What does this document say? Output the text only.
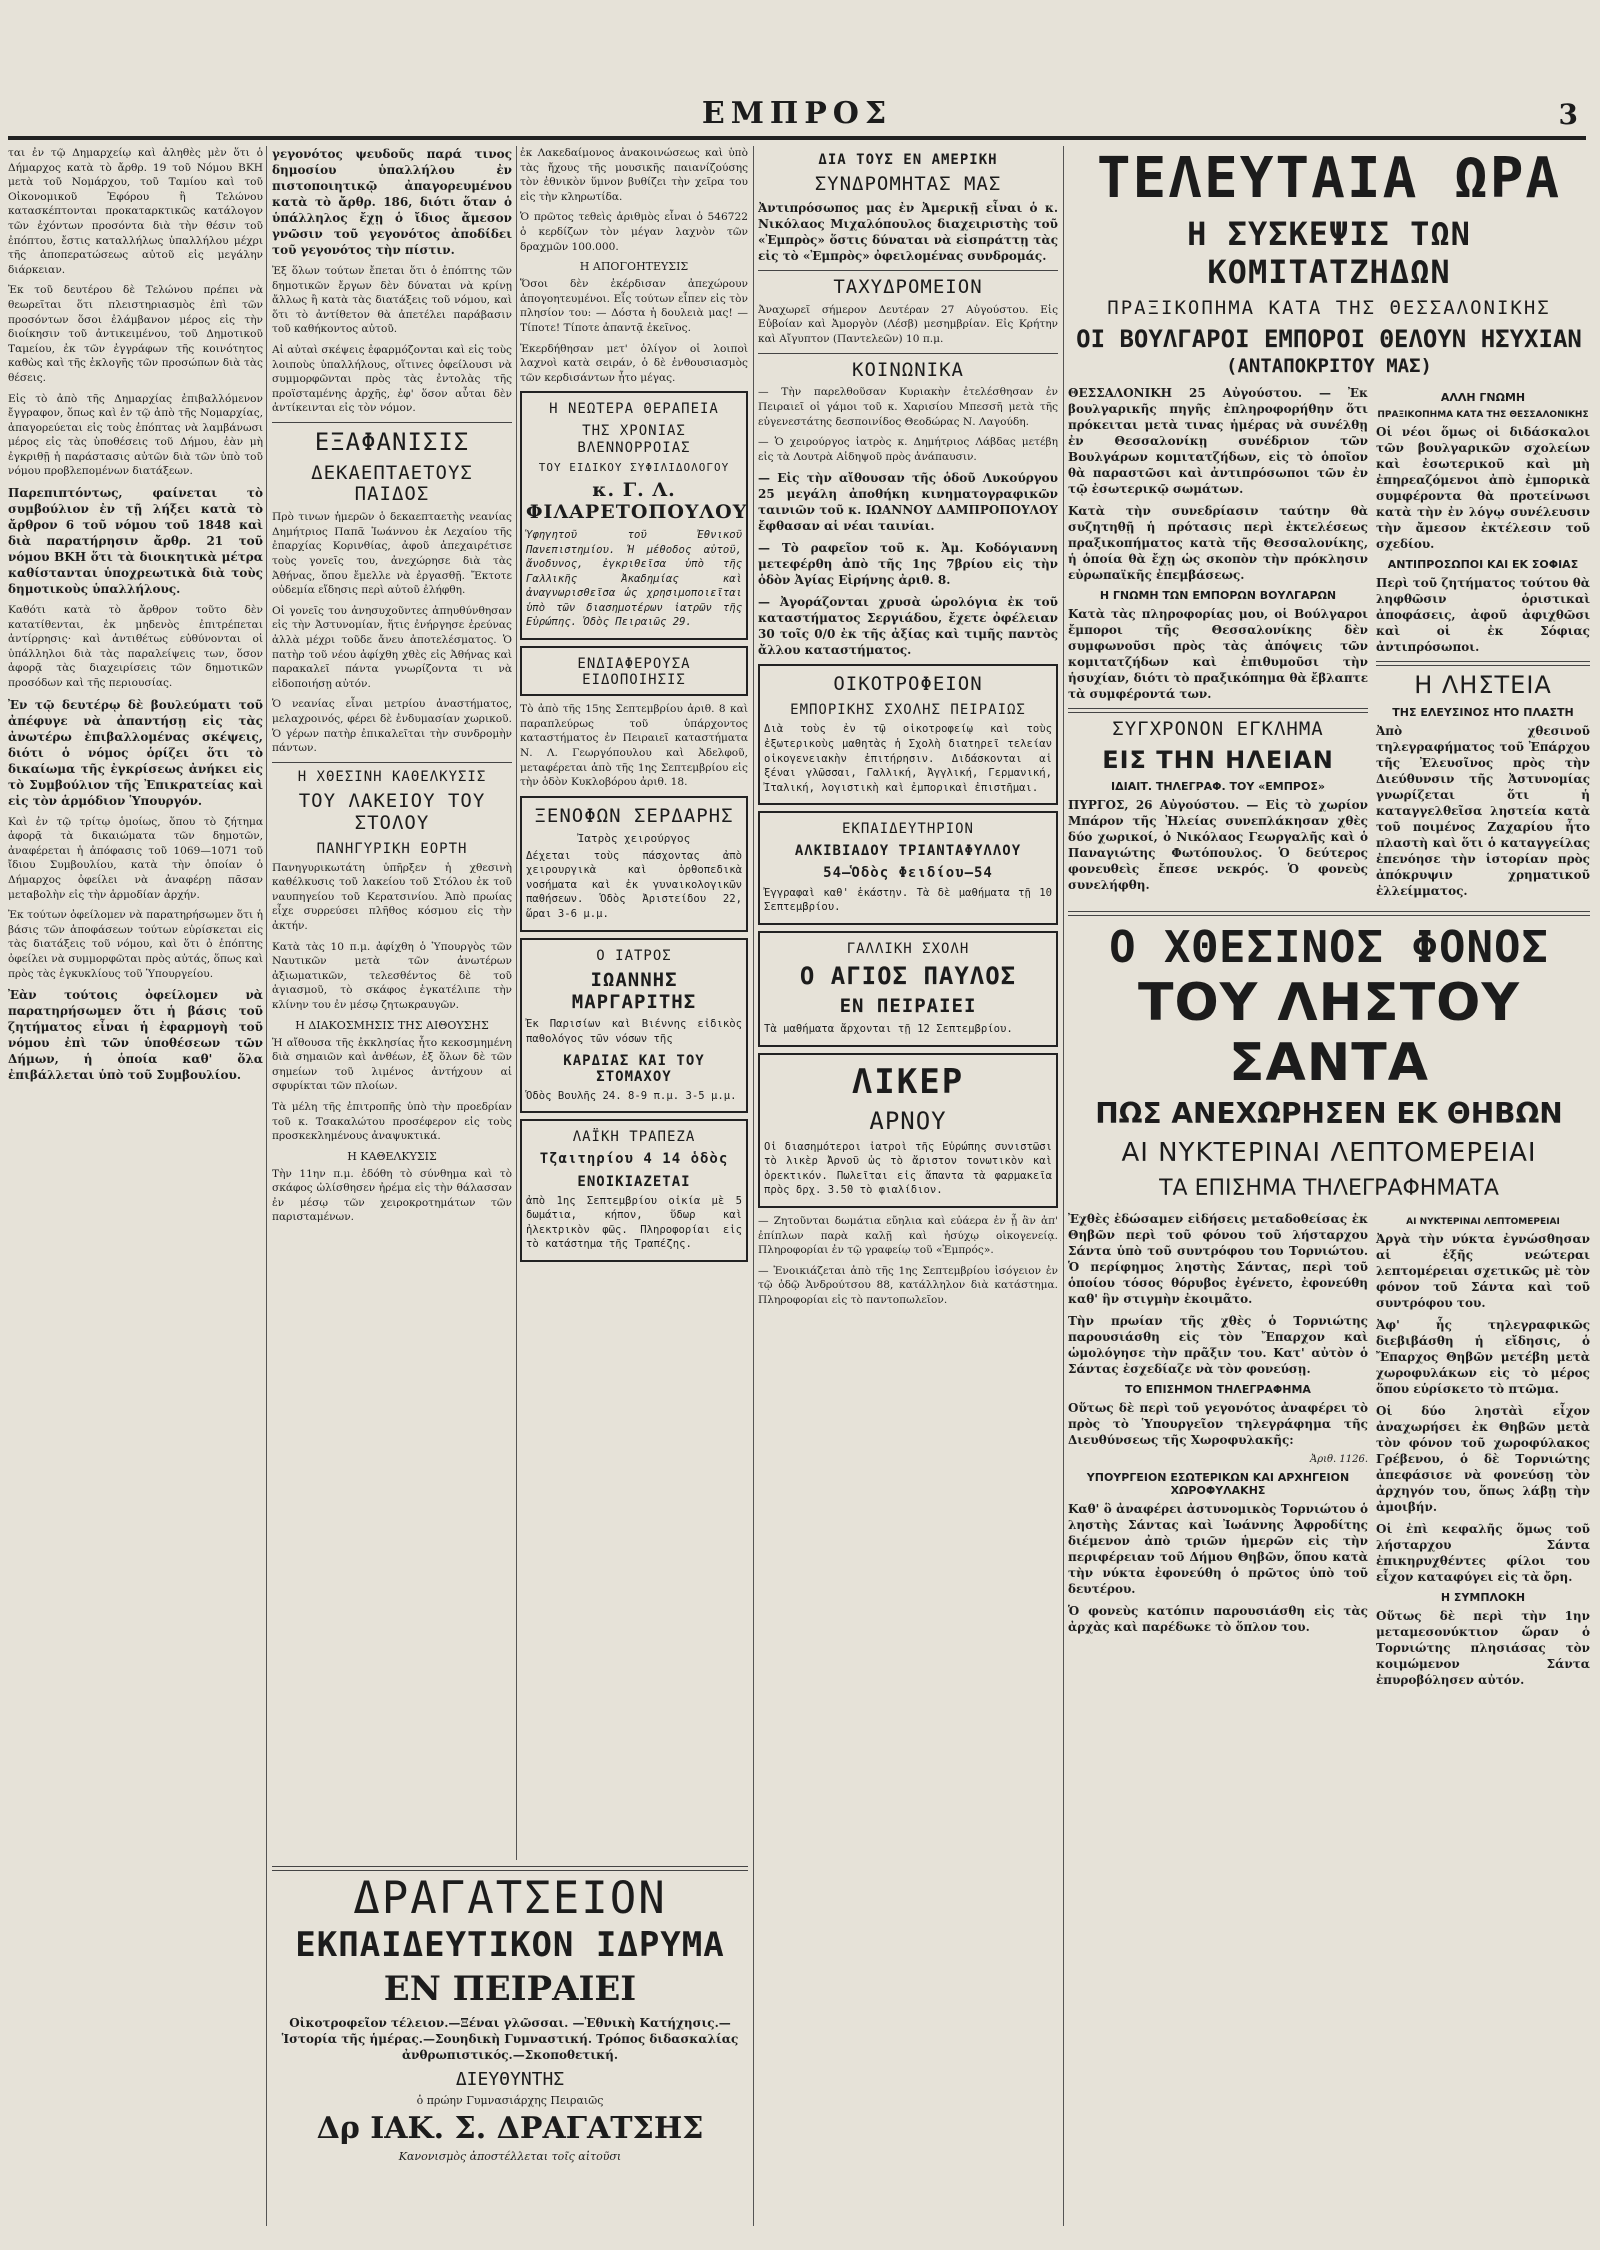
ΕΜΠΡΟΣ	3

ται ἐν τῷ Δημαρχείῳ καὶ ἀληθὲς μὲν ὅτι ὁ Δήμαρχος κατὰ τὸ ἄρθρ. 19 τοῦ Νόμου ΒΚΗ μετὰ τοῦ Νομάρχου, τοῦ Ταμίου καὶ τοῦ Οἰκονομικοῦ Ἐφόρου ἢ Τελώνου κατασκέπτονται προκαταρκτικῶς κατάλογον τῶν ἐχόντων προσόντα διὰ τὴν θέσιν τοῦ ἐπόπτου, ἔστις καταλλήλως ὑπαλλήλου μέχρι τῆς ἀποπερατώσεως αὐτοῦ εἰς μεγάλην διάρκειαν.

Ἐκ τοῦ δευτέρου δὲ Τελώνου πρέπει νὰ θεωρεῖται ὅτι πλειστηριασμὸς ἐπὶ τῶν προσόντων ὅσοι ἐλάμβανον μέρος εἰς τὴν διοίκησιν τοῦ ἀντικειμένου, τοῦ Δημοτικοῦ Ταμείου, ἐκ τῶν ἐγγράφων τῆς κοινότητος καθὼς καὶ τῆς ἐκλογῆς τῶν προσώπων διὰ τὰς θέσεις.

Εἰς τὸ ἀπὸ τῆς Δημαρχίας ἐπιβαλλόμενον ἔγγραφον, ὅπως καὶ ἐν τῷ ἀπὸ τῆς Νομαρχίας, ἀπαγορεύεται εἰς τοὺς ἐπόπτας νὰ λαμβάνωσι μέρος εἰς τὰς ὑποθέσεις τοῦ Δήμου, ἐὰν μὴ ἐγκριθῇ ἡ παράστασις αὐτῶν διὰ τῶν ὑπὸ τοῦ νόμου προβλεπομένων διατάξεων.

Παρεπιπτόντως, φαίνεται τὸ συμβούλιον ἐν τῇ λήξει κατὰ τὸ ἄρθρον 6 τοῦ νόμου τοῦ 1848 καὶ διὰ παρατήρησιν ἄρθρ. 21 τοῦ νόμου ΒΚΗ ὅτι τὰ διοικητικὰ μέτρα καθίστανται ὑποχρεωτικὰ διὰ τοὺς δημοτικοὺς ὑπαλλήλους.

Καθότι κατὰ τὸ ἄρθρον τοῦτο δὲν κατατίθενται, ἐκ μηδενὸς ἐπιτρέπεται ἀντίρρησις· καὶ ἀντιθέτως εὐθύνονται οἱ ὑπάλληλοι διὰ τὰς παραλείψεις των, ὅσον ἀφορᾷ τὰς διαχειρίσεις τῶν δημοτικῶν προσόδων καὶ τῆς περιουσίας.

Ἐν τῷ δευτέρῳ δὲ βουλεύματι τοῦ ἀπέφυγε νὰ ἀπαντήσῃ εἰς τὰς ἀνωτέρω ἐπιβαλλομένας σκέψεις, διότι ὁ νόμος ὁρίζει ὅτι τὸ δικαίωμα τῆς ἐγκρίσεως ἀνήκει εἰς τὸ Συμβούλιον τῆς Ἐπικρατείας καὶ εἰς τὸν ἁρμόδιον Ὑπουργόν.

Καὶ ἐν τῷ τρίτῳ ὁμοίως, ὅπου τὸ ζήτημα ἀφορᾷ τὰ δικαιώματα τῶν δημοτῶν, ἀναφέρεται ἡ ἀπόφασις τοῦ 1069—1071 τοῦ ἴδιου Συμβουλίου, κατὰ τὴν ὁποίαν ὁ Δήμαρχος ὀφείλει νὰ ἀναφέρῃ πᾶσαν μεταβολὴν εἰς τὴν ἁρμοδίαν ἀρχήν.

Ἐκ τούτων ὀφείλομεν νὰ παρατηρήσωμεν ὅτι ἡ βάσις τῶν ἀποφάσεων τούτων εὑρίσκεται εἰς τὰς διατάξεις τοῦ νόμου, καὶ ὅτι ὁ ἐπόπτης ὀφείλει νὰ συμμορφῶται πρὸς αὐτάς, ὅπως καὶ πρὸς τὰς ἐγκυκλίους τοῦ Ὑπουργείου.

Ἐὰν τούτοις ὀφείλομεν νὰ παρατηρήσωμεν ὅτι ἡ βάσις τοῦ ζητήματος εἶναι ἡ ἐφαρμογὴ τοῦ νόμου ἐπὶ τῶν ὑποθέσεων τῶν Δήμων, ἡ ὁποία καθ' ὅλα ἐπιβάλλεται ὑπὸ τοῦ Συμβουλίου.

γεγονότος ψευδοῦς παρά τινος δημοσίου ὑπαλλήλου ἐν πιστοποιητικῷ ἀπαγορευμένου κατὰ τὸ ἄρθρ. 186, διότι ὅταν ὁ ὑπάλληλος ἔχῃ ὁ ἴδιος ἄμεσον γνῶσιν τοῦ γεγονότος ἀποδίδει τοῦ γεγονότος τὴν πίστιν.

Ἐξ ὅλων τούτων ἔπεται ὅτι ὁ ἐπόπτης τῶν δημοτικῶν ἔργων δὲν δύναται νὰ κρίνῃ ἄλλως ἢ κατὰ τὰς διατάξεις τοῦ νόμου, καὶ ὅτι τὸ ἀντίθετον θὰ ἀπετέλει παράβασιν τοῦ καθήκοντος αὐτοῦ.

Αἱ αὐταὶ σκέψεις ἐφαρμόζονται καὶ εἰς τοὺς λοιποὺς ὑπαλλήλους, οἵτινες ὀφείλουσι νὰ συμμορφῶνται πρὸς τὰς ἐντολὰς τῆς προϊσταμένης ἀρχῆς, ἐφ' ὅσον αὗται δὲν ἀντίκεινται εἰς τὸν νόμον.

ΕΞΑΦΑΝΙΣΙΣ
ΔΕΚΑΕΠΤΑΕΤΟΥΣ ΠΑΙΔΟΣ

Πρὸ τινων ἡμερῶν ὁ δεκαεπταετὴς νεανίας Δημήτριος Παπᾶ Ἰωάννου ἐκ Λεχαίου τῆς ἐπαρχίας Κορινθίας, ἀφοῦ ἀπεχαιρέτισε τοὺς γονεῖς του, ἀνεχώρησε διὰ τὰς Ἀθήνας, ὅπου ἔμελλε νὰ ἐργασθῇ. Ἔκτοτε οὐδεμία εἴδησις περὶ αὐτοῦ ἐλήφθη.

Οἱ γονεῖς του ἀνησυχοῦντες ἀπηυθύνθησαν εἰς τὴν Ἀστυνομίαν, ἥτις ἐνήργησε ἐρεύνας ἀλλὰ μέχρι τοῦδε ἄνευ ἀποτελέσματος. Ὁ πατὴρ τοῦ νέου ἀφίχθη χθὲς εἰς Ἀθήνας καὶ παρακαλεῖ πάντα γνωρίζοντα τι νὰ εἰδοποιήσῃ αὐτόν.

Ὁ νεανίας εἶναι μετρίου ἀναστήματος, μελαχροινός, φέρει δὲ ἐνδυμασίαν χωρικοῦ. Ὁ γέρων πατὴρ ἐπικαλεῖται τὴν συνδρομὴν πάντων.

Η ΧΘΕΣΙΝΗ ΚΑΘΕΛΚΥΣΙΣ
ΤΟΥ ΛΑΚΕΙΟΥ ΤΟΥ ΣΤΟΛΟΥ
ΠΑΝΗΓΥΡΙΚΗ ΕΟΡΤΗ

Πανηγυρικωτάτη ὑπῆρξεν ἡ χθεσινὴ καθέλκυσις τοῦ λακείου τοῦ Στόλου ἐκ τοῦ ναυπηγείου τοῦ Κερατσινίου. Ἀπὸ πρωίας εἶχε συρρεύσει πλῆθος κόσμου εἰς τὴν ἀκτήν.

Κατὰ τὰς 10 π.μ. ἀφίχθη ὁ Ὑπουργὸς τῶν Ναυτικῶν μετὰ τῶν ἀνωτέρων ἀξιωματικῶν, τελεσθέντος δὲ τοῦ ἁγιασμοῦ, τὸ σκάφος ἐγκατέλιπε τὴν κλίνην του ἐν μέσῳ ζητωκραυγῶν.

Η ΔΙΑΚΟΣΜΗΣΙΣ ΤΗΣ ΑΙΘΟΥΣΗΣ

Ἡ αἴθουσα τῆς ἐκκλησίας ἦτο κεκοσμημένη διὰ σημαιῶν καὶ ἀνθέων, ἐξ ὅλων δὲ τῶν σημείων τοῦ λιμένος ἀντήχουν αἱ σφυρίκται τῶν πλοίων.

Τὰ μέλη τῆς ἐπιτροπῆς ὑπὸ τὴν προεδρίαν τοῦ κ. Τσακαλώτου προσέφερον εἰς τοὺς προσκεκλημένους ἀναψυκτικά.

Η ΚΑΘΕΛΚΥΣΙΣ

Τὴν 11ην π.μ. ἐδόθη τὸ σύνθημα καὶ τὸ σκάφος ὠλίσθησεν ἠρέμα εἰς τὴν θάλασσαν ἐν μέσῳ τῶν χειροκροτημάτων τῶν παρισταμένων.

ἐκ Λακεδαίμονος ἀνακοινώσεως καὶ ὑπὸ τὰς ἤχους τῆς μουσικῆς παιανίζούσης τὸν ἐθνικὸν ὕμνον βυθίζει τὴν χεῖρα του εἰς τὴν κληρωτίδα.

Ὁ πρῶτος τεθεὶς ἀριθμὸς εἶναι ὁ 546722 ὁ κερδίζων τὸν μέγαν λαχνὸν τῶν δραχμῶν 100.000.

Η ΑΠΟΓΟΗΤΕΥΣΙΣ

Ὅσοι δὲν ἐκέρδισαν ἀπεχώρουν ἀπογοητευμένοι. Εἶς τούτων εἶπεν εἰς τὸν πλησίον του: — Δόστα ἡ δουλειὰ μας! — Τίποτε! Τίποτε ἀπαντᾷ ἐκεῖνος.

Ἐκερδήθησαν μετ' ὀλίγον οἱ λοιποὶ λαχνοὶ κατὰ σειράν, ὁ δὲ ἐνθουσιασμὸς τῶν κερδισάντων ἦτο μέγας.

Η ΝΕΩΤΕΡΑ ΘΕΡΑΠΕΙΑ
ΤΗΣ ΧΡΟΝΙΑΣ ΒΛΕΝΝΟΡΡΟΙΑΣ
ΤΟΥ ΕΙΔΙΚΟΥ ΣΥΦΙΛΙΔΟΛΟΓΟΥ
κ. Γ. Λ. ΦΙΛΑΡΕΤΟΠΟΥΛΟΥ

Ὑφηγητοῦ τοῦ Ἐθνικοῦ Πανεπιστημίου. Ἡ μέθοδος αὐτοῦ, ἄνοδυνος, ἐγκριθεῖσα ὑπὸ τῆς Γαλλικῆς Ἀκαδημίας καὶ ἀναγνωρισθεῖσα ὡς χρησιμοποιεῖται ὑπὸ τῶν διασημοτέρων ἰατρῶν τῆς Εὐρώπης. Ὁδὸς Πειραιῶς 29.

ΕΝΔΙΑΦΕΡΟΥΣΑ ΕΙΔΟΠΟΙΗΣΙΣ

Τὸ ἀπὸ τῆς 15ης Σεπτεμβρίου ἀριθ. 8 καὶ παραπλεύρως τοῦ ὑπάρχοντος καταστήματος ἐν Πειραιεῖ καταστήματα Ν. Λ. Γεωργόπουλου καὶ Ἀδελφοῦ, μεταφέρεται ἀπὸ τῆς 1ης Σεπτεμβρίου εἰς τὴν ὁδὸν Κυκλοβόρου ἀριθ. 18.

ΞΕΝΟΦΩΝ ΣΕΡΔΑΡΗΣ
Ἰατρὸς χειρούργος

Δέχεται τοὺς πάσχοντας ἀπὸ χειρουργικὰ καὶ ὀρθοπεδικὰ νοσήματα καὶ ἐκ γυναικολογικῶν παθήσεων. Ὁδὸς Ἀριστείδου 22, ὥραι 3-6 μ.μ.

Ο ΙΑΤΡΟΣ
ΙΩΑΝΝΗΣ ΜΑΡΓΑΡΙΤΗΣ

Ἐκ Παρισίων καὶ Βιέννης εἰδικὸς παθολόγος τῶν νόσων τῆς

ΚΑΡΔΙΑΣ ΚΑΙ ΤΟΥ ΣΤΟΜΑΧΟΥ

Ὁδὸς Βουλῆς 24. 8-9 π.μ. 3-5 μ.μ.

ΛΑΪΚΗ ΤΡΑΠΕΖΑ
Τζαιτηρίου 4 14 ὁδὸς
ΕΝΟΙΚΙΑΖΕΤΑΙ

ἀπὸ 1ης Σεπτεμβρίου οἰκία μὲ 5 δωμάτια, κήπον, ὕδωρ καὶ ἠλεκτρικὸν φῶς. Πληροφορίαι εἰς τὸ κατάστημα τῆς Τραπέζης.

ΔΙΑ ΤΟΥΣ ΕΝ ΑΜΕΡΙΚΗ
ΣΥΝΔΡΟΜΗΤΑΣ ΜΑΣ

Ἀντιπρόσωπος μας ἐν Ἀμερικῇ εἶναι ὁ κ. Νικόλαος Μιχαλόπουλος διαχειριστὴς τοῦ «Ἐμπρὸς» ὅστις δύναται νὰ εἰσπράττῃ τὰς εἰς τὸ «Ἐμπρὸς» ὀφειλομένας συνδρομάς.

ΤΑΧΥΔΡΟΜΕΙΟΝ

Ἀναχωρεῖ σήμερον Δευτέραν 27 Αὐγούστου. Εἰς Εὐβοίαν καὶ Ἀμοργὸν (Λέσβ) μεσημβρίαν. Εἰς Κρήτην καὶ Αἴγυπτον (Παντελεῶν) 10 π.μ.

ΚΟΙΝΩΝΙΚΑ

— Τὴν παρελθοῦσαν Κυριακὴν ἐτελέσθησαν ἐν Πειραιεῖ οἱ γάμοι τοῦ κ. Χαρισίου Μπεσσῆ μετὰ τῆς εὐγενεστάτης δεσποινίδος Θεοδώρας Ν. Λαγούδη.

— Ὁ χειρούργος ἰατρὸς κ. Δημήτριος Λάβδας μετέβη εἰς τὰ Λουτρὰ Αἰδηψοῦ πρὸς ἀνάπαυσιν.

— Εἰς τὴν αἴθουσαν τῆς ὁδοῦ Λυκούργου 25 μεγάλη ἀποθήκη κινηματογραφικῶν ταινιῶν τοῦ κ. ΙΩΑΝΝΟΥ ΔΑΜΠΡΟΠΟΥΛΟΥ ἔφθασαν αἱ νέαι ταινίαι.

— Τὸ ραφεῖον τοῦ κ. Ἀμ. Κοδόγιαννη μετεφέρθη ἀπὸ τῆς 1ης 7βρίου εἰς τὴν ὁδὸν Ἀγίας Εἰρήνης ἀριθ. 8.

— Ἀγοράζονται χρυσὰ ὡρολόγια ἐκ τοῦ καταστήματος Σεργιάδου, ἔχετε ὀφέλειαν 30 τοῖς 0/0 ἐκ τῆς ἀξίας καὶ τιμῆς παντὸς ἄλλου καταστήματος.

ΟΙΚΟΤΡΟΦΕΙΟΝ
ΕΜΠΟΡΙΚΗΣ ΣΧΟΛΗΣ ΠΕΙΡΑΙΩΣ

Διὰ τοὺς ἐν τῷ οἰκοτροφείῳ καὶ τοὺς ἐξωτερικοὺς μαθητὰς ἡ Σχολὴ διατηρεῖ τελείαν οἰκογενειακὴν ἐπιτήρησιν. Διδάσκονται αἱ ξέναι γλῶσσαι, Γαλλική, Ἀγγλική, Γερμανική, Ἰταλική, λογιστικὴ καὶ ἐμπορικαὶ ἐπιστῆμαι.

ΕΚΠΑΙΔΕΥΤΗΡΙΟΝ
ΑΛΚΙΒΙΑΔΟΥ ΤΡΙΑΝΤΑΦΥΛΛΟΥ
54—Ὁδὸς Φειδίου—54

Ἐγγραφαὶ καθ' ἑκάστην. Τὰ δὲ μαθήματα τῇ 10 Σεπτεμβρίου.

ΓΑΛΛΙΚΗ ΣΧΟΛΗ
Ο ΑΓΙΟΣ ΠΑΥΛΟΣ
ΕΝ ΠΕΙΡΑΙΕΙ

Τὰ μαθήματα ἄρχονται τῇ 12 Σεπτεμβρίου.

ΛΙΚΕΡ
ΑΡΝΟΥ

Οἱ διασημότεροι ἰατροὶ τῆς Εὐρώπης συνιστῶσι τὸ λικὲρ Ἀρνοῦ ὡς τὸ ἄριστον τονωτικὸν καὶ ὀρεκτικόν. Πωλεῖται εἰς ἅπαντα τὰ φαρμακεῖα πρὸς δρχ. 3.50 τὸ φιαλίδιον.

— Ζητοῦνται δωμάτια εὔηλια καὶ εὐάερα ἐν ᾗ ἂν ἀπ' ἐπίπλων παρὰ καλῇ καὶ ἡσύχῳ οἰκογενείᾳ. Πληροφορίαι ἐν τῷ γραφείῳ τοῦ «Ἐμπρός».

— Ἐνοικιάζεται ἀπὸ τῆς 1ης Σεπτεμβρίου ἰσόγειον ἐν τῷ ὁδῷ Ἀνδρούτσου 88, κατάλληλον διὰ κατάστημα. Πληροφορίαι εἰς τὸ παντοπωλεῖον.

ΤΕΛΕΥΤΑΙΑ ΩΡΑ
Η ΣΥΣΚΕΨΙΣ ΤΩΝ ΚΟΜΙΤΑΤΖΗΔΩΝ
ΠΡΑΞΙΚΟΠΗΜΑ ΚΑΤΑ ΤΗΣ ΘΕΣΣΑΛΟΝΙΚΗΣ
ΟΙ ΒΟΥΛΓΑΡΟΙ ΕΜΠΟΡΟΙ ΘΕΛΟΥΝ ΗΣΥΧΙΑΝ
(ΑΝΤΑΠΟΚΡΙΤΟΥ ΜΑΣ)

ΘΕΣΣΑΛΟΝΙΚΗ 25 Αὐγούστου. — Ἐκ βουλγαρικῆς πηγῆς ἐπληροφορήθην ὅτι πρόκειται μετὰ τινας ἡμέρας νὰ συνέλθῃ ἐν Θεσσαλονίκῃ συνέδριον τῶν Βουλγάρων κομιτατζήδων, εἰς τὸ ὁποῖον θὰ παραστῶσι καὶ ἀντιπρόσωποι τῶν ἐν τῷ ἐσωτερικῷ σωμάτων.

Κατὰ τὴν συνεδρίασιν ταύτην θὰ συζητηθῇ ἡ πρότασις περὶ ἐκτελέσεως πραξικοπήματος κατὰ τῆς Θεσσαλονίκης, ἡ ὁποία θὰ ἔχῃ ὡς σκοπὸν τὴν πρόκλησιν εὐρωπαϊκῆς ἐπεμβάσεως.

Η ΓΝΩΜΗ ΤΩΝ ΕΜΠΟΡΩΝ ΒΟΥΛΓΑΡΩΝ

Κατὰ τὰς πληροφορίας μου, οἱ Βούλγαροι ἔμποροι τῆς Θεσσαλονίκης δὲν συμφωνοῦσι πρὸς τὰς ἀπόψεις τῶν κομιτατζήδων καὶ ἐπιθυμοῦσι τὴν ἡσυχίαν, διότι τὸ πραξικόπημα θὰ ἔβλαπτε τὰ συμφέροντά των.

ΣΥΓΧΡΟΝΟΝ ΕΓΚΛΗΜΑ
ΕΙΣ ΤΗΝ ΗΛΕΙΑΝ
ΙΔΙΑΙΤ. ΤΗΛΕΓΡΑΦ. ΤΟΥ «ΕΜΠΡΟΣ»

ΠΥΡΓΟΣ, 26 Αὐγούστου. — Εἰς τὸ χωρίον Μπάρον τῆς Ἠλείας συνεπλάκησαν χθὲς δύο χωρικοί, ὁ Νικόλαος Γεωργαλῆς καὶ ὁ Παναγιώτης Φωτόπουλος. Ὁ δεύτερος φονευθεὶς ἔπεσε νεκρός. Ὁ φονεὺς συνελήφθη.

ΑΛΛΗ ΓΝΩΜΗ
ΠΡΑΞΙΚΟΠΗΜΑ ΚΑΤΑ ΤΗΣ ΘΕΣΣΑΛΟΝΙΚΗΣ

Οἱ νέοι ὅμως οἱ διδάσκαλοι τῶν βουλγαρικῶν σχολείων καὶ ἐσωτερικοῦ καὶ μὴ ἐπηρεαζόμενοι ἀπὸ ἐμπορικὰ συμφέροντα θὰ προτείνωσι κατὰ τὴν ἐν λόγῳ συνέλευσιν τὴν ἄμεσον ἐκτέλεσιν τοῦ σχεδίου.

ΑΝΤΙΠΡΟΣΩΠΟΙ ΚΑΙ ΕΚ ΣΟΦΙΑΣ

Περὶ τοῦ ζητήματος τούτου θὰ ληφθῶσιν ὁριστικαὶ ἀποφάσεις, ἀφοῦ ἀφιχθῶσι καὶ οἱ ἐκ Σόφιας ἀντιπρόσωποι.

Η ΛΗΣΤΕΙΑ
ΤΗΣ ΕΛΕΥΣΙΝΟΣ ΗΤΟ ΠΛΑΣΤΗ

Ἀπὸ χθεσινοῦ τηλεγραφήματος τοῦ Ἐπάρχου τῆς Ἐλευσῖνος πρὸς τὴν Διεύθυνσιν τῆς Ἀστυνομίας γνωρίζεται ὅτι ἡ καταγγελθεῖσα ληστεία κατὰ τοῦ ποιμένος Ζαχαρίου ἦτο πλαστὴ καὶ ὅτι ὁ καταγγείλας ἐπενόησε τὴν ἱστορίαν πρὸς ἀπόκρυψιν χρηματικοῦ ἐλλείμματος.

Ο ΧΘΕΣΙΝΟΣ ΦΟΝΟΣ
ΤΟΥ ΛΗΣΤΟΥ ΣΑΝΤΑ
ΠΩΣ ΑΝΕΧΩΡΗΣΕΝ ΕΚ ΘΗΒΩΝ
ΑΙ ΝΥΚΤΕΡΙΝΑΙ ΛΕΠΤΟΜΕΡΕΙΑΙ
ΤΑ ΕΠΙΣΗΜΑ ΤΗΛΕΓΡΑΦΗΜΑΤΑ

Ἐχθὲς ἐδώσαμεν εἰδήσεις μεταδοθείσας ἐκ Θηβῶν περὶ τοῦ φόνου τοῦ λήσταρχου Σάντα ὑπὸ τοῦ συντρόφου του Τορνιώτου. Ὁ περίφημος ληστὴς Σάντας, περὶ τοῦ ὁποίου τόσος θόρυβος ἐγένετο, ἐφονεύθη καθ' ἣν στιγμὴν ἐκοιμᾶτο.

Τὴν πρωίαν τῆς χθὲς ὁ Τορνιώτης παρουσιάσθη εἰς τὸν Ἔπαρχον καὶ ὡμολόγησε τὴν πρᾶξιν του. Κατ' αὐτὸν ὁ Σάντας ἐσχεδίαζε νὰ τὸν φονεύσῃ.

ΤΟ ΕΠΙΣΗΜΟΝ ΤΗΛΕΓΡΑΦΗΜΑ

Οὕτως δὲ περὶ τοῦ γεγονότος ἀναφέρει τὸ πρὸς τὸ Ὑπουργεῖον τηλεγράφημα τῆς Διευθύνσεως τῆς Χωροφυλακῆς:

Ἀριθ. 1126.
ΥΠΟΥΡΓΕΙΟΝ ΕΣΩΤΕΡΙΚΩΝ ΚΑΙ ΑΡΧΗΓΕΙΟΝ ΧΩΡΟΦΥΛΑΚΗΣ

Καθ' ὃ ἀναφέρει ἀστυνομικὸς Τορνιώτου ὁ ληστὴς Σάντας καὶ Ἰωάννης Ἀφροδίτης διέμενον ἀπὸ τριῶν ἡμερῶν εἰς τὴν περιφέρειαν τοῦ Δήμου Θηβῶν, ὅπου κατὰ τὴν νύκτα ἐφονεύθη ὁ πρῶτος ὑπὸ τοῦ δευτέρου.

Ὁ φονεὺς κατόπιν παρουσιάσθη εἰς τὰς ἀρχὰς καὶ παρέδωκε τὸ ὅπλον του.

ΑΙ ΝΥΚΤΕΡΙΝΑΙ ΛΕΠΤΟΜΕΡΕΙΑΙ

Ἀργὰ τὴν νύκτα ἐγνώσθησαν αἱ ἑξῆς νεώτεραι λεπτομέρειαι σχετικῶς μὲ τὸν φόνον τοῦ Σάντα καὶ τοῦ συντρόφου του.

Ἀφ' ἧς τηλεγραφικῶς διεβιβάσθη ἡ εἴδησις, ὁ Ἔπαρχος Θηβῶν μετέβη μετὰ χωροφυλάκων εἰς τὸ μέρος ὅπου εὑρίσκετο τὸ πτῶμα.

Οἱ δύο ληστὰὶ εἶχον ἀναχωρήσει ἐκ Θηβῶν μετὰ τὸν φόνον τοῦ χωροφύλακος Γρέβενου, ὁ δὲ Τορνιώτης ἀπεφάσισε νὰ φονεύσῃ τὸν ἀρχηγόν του, ὅπως λάβῃ τὴν ἀμοιβήν.

Οἱ ἐπὶ κεφαλῆς ὅμως τοῦ λήσταρχου Σάντα ἐπικηρυχθέντες φίλοι του εἶχον καταφύγει εἰς τὰ ὄρη.

Η ΣΥΜΠΛΟΚΗ

Οὕτως δὲ περὶ τὴν 1ην μεταμεσονύκτιον ὥραν ὁ Τορνιώτης πλησιάσας τὸν κοιμώμενον Σάντα ἐπυροβόλησεν αὐτόν.

ΔΡΑΓΑΤΣΕΙΟΝ
ΕΚΠΑΙΔΕΥΤΙΚΟΝ ΙΔΡΥΜΑ
ΕΝ ΠΕΙΡΑΙΕΙ

Οἰκοτροφεῖον τέλειον.—Ξέναι γλῶσσαι. —Ἐθνικὴ Κατήχησις.—Ἱστορία τῆς ἡμέρας.—Σουηδικὴ Γυμναστική. Τρόπος διδασκαλίας ἀνθρωπιστικός.—Σκοποθετική.

ΔΙΕΥΘΥΝΤΗΣ
ὁ πρώην Γυμνασιάρχης Πειραιῶς
Δρ ΙΑΚ. Σ. ΔΡΑΓΑΤΣΗΣ
Κανονισμὸς ἀποστέλλεται τοῖς αἰτοῦσι
